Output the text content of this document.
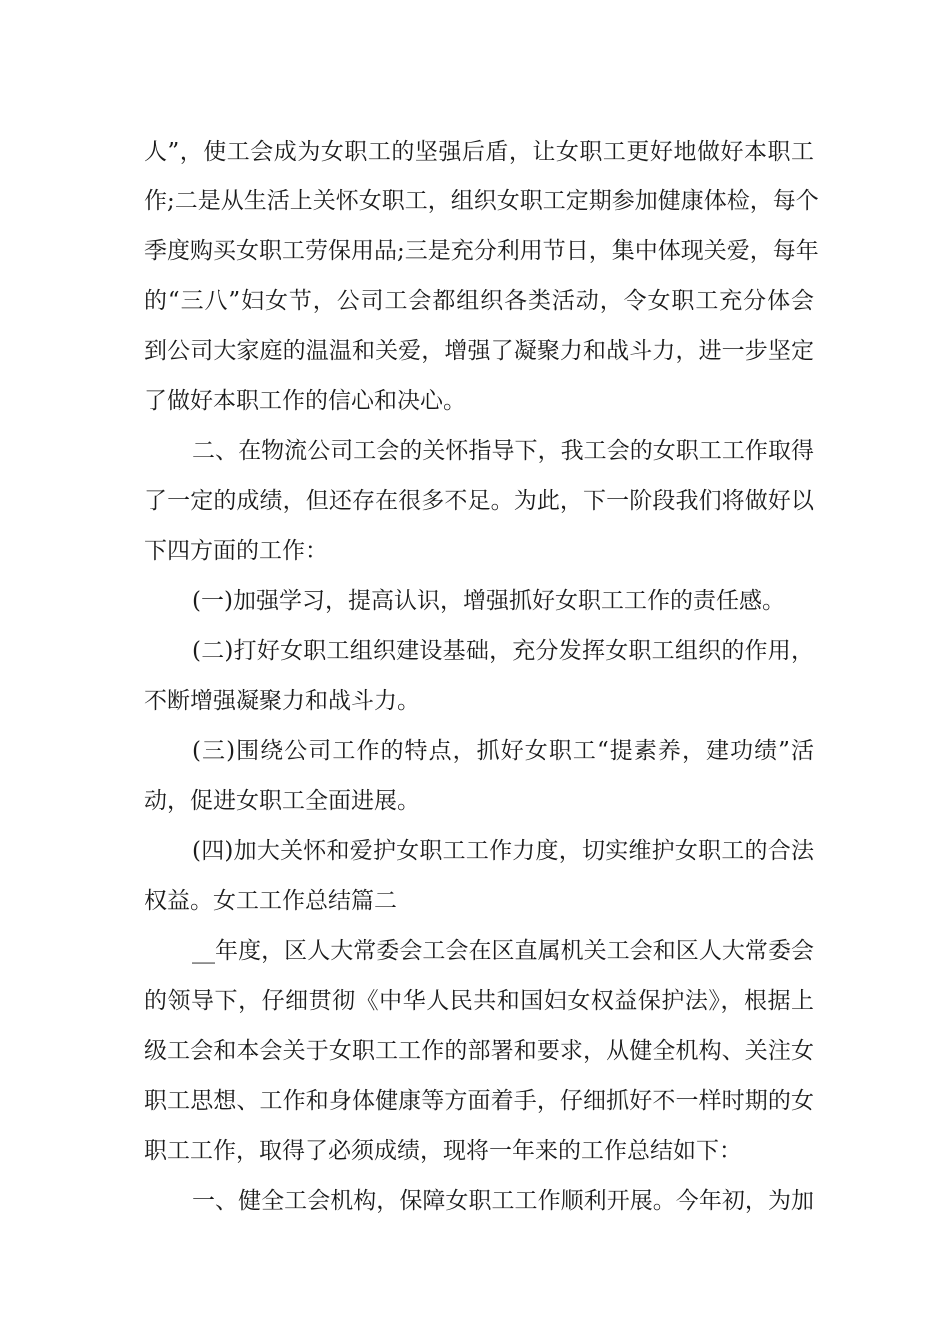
人”，使工会成为女职工的坚强后盾，让女职工更好地做好本职工
作;二是从生活上关怀女职工，组织女职工定期参加健康体检，每个
季度购买女职工劳保用品;三是充分利用节日，集中体现关爱，每年
的“三八”妇女节，公司工会都组织各类活动，令女职工充分体会
到公司大家庭的温温和关爱，增强了凝聚力和战斗力，进一步坚定
了做好本职工作的信心和决心。
二、在物流公司工会的关怀指导下，我工会的女职工工作取得
了一定的成绩，但还存在很多不足。为此，下一阶段我们将做好以
下四方面的工作：
(一)加强学习，提高认识，增强抓好女职工工作的责任感。
(二)打好女职工组织建设基础，充分发挥女职工组织的作用，
不断增强凝聚力和战斗力。
(三)围绕公司工作的特点，抓好女职工“提素养，建功绩”活
动，促进女职工全面进展。
(四)加大关怀和爱护女职工工作力度，切实维护女职工的合法
权益。女工工作总结篇二
__年度，区人大常委会工会在区直属机关工会和区人大常委会
的领导下，仔细贯彻《中华人民共和国妇女权益保护法》，根据上
级工会和本会关于女职工工作的部署和要求，从健全机构、关注女
职工思想、工作和身体健康等方面着手，仔细抓好不一样时期的女
职工工作，取得了必须成绩，现将一年来的工作总结如下：
一、健全工会机构，保障女职工工作顺利开展。今年初，为加
